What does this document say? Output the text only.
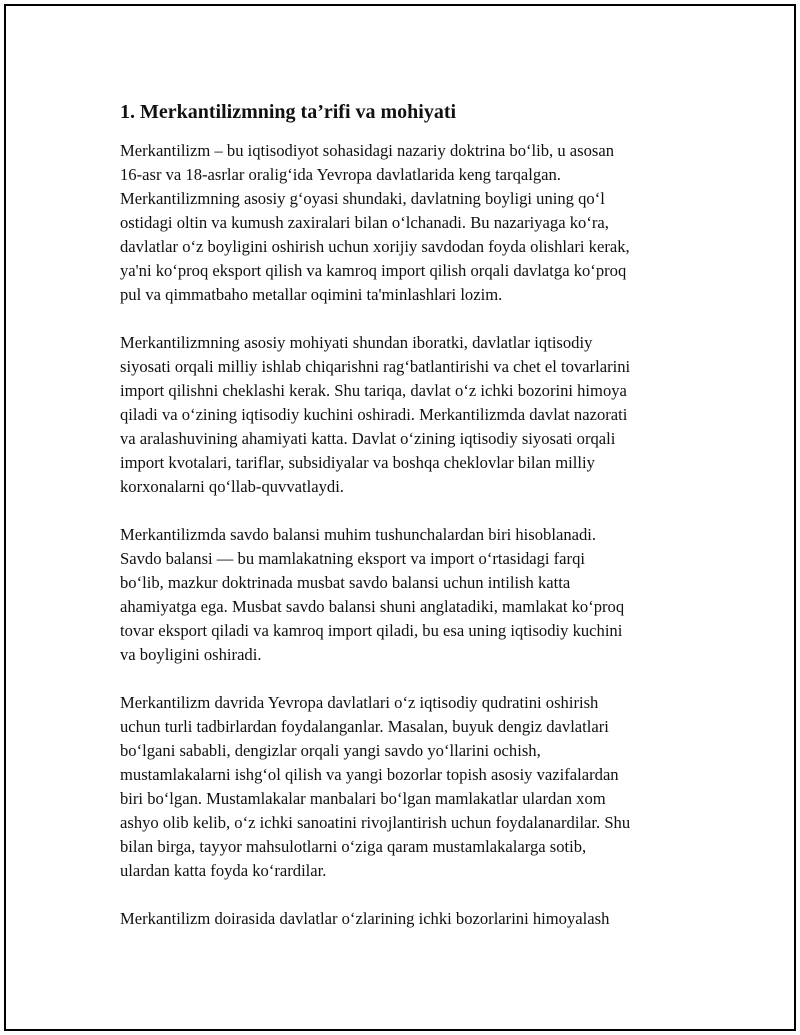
1. Merkantilizmning ta’rifi va mohiyati

Merkantilizm – bu iqtisodiyot sohasidagi nazariy doktrina bo‘lib, u asosan
16-asr va 18-asrlar oralig‘ida Yevropa davlatlarida keng tarqalgan.
Merkantilizmning asosiy g‘oyasi shundaki, davlatning boyligi uning qo‘l
ostidagi oltin va kumush zaxiralari bilan o‘lchanadi. Bu nazariyaga ko‘ra,
davlatlar o‘z boyligini oshirish uchun xorijiy savdodan foyda olishlari kerak,
ya'ni ko‘proq eksport qilish va kamroq import qilish orqali davlatga ko‘proq
pul va qimmatbaho metallar oqimini ta'minlashlari lozim.

Merkantilizmning asosiy mohiyati shundan iboratki, davlatlar iqtisodiy
siyosati orqali milliy ishlab chiqarishni rag‘batlantirishi va chet el tovarlarini
import qilishni cheklashi kerak. Shu tariqa, davlat o‘z ichki bozorini himoya
qiladi va o‘zining iqtisodiy kuchini oshiradi. Merkantilizmda davlat nazorati
va aralashuvining ahamiyati katta. Davlat o‘zining iqtisodiy siyosati orqali
import kvotalari, tariflar, subsidiyalar va boshqa cheklovlar bilan milliy
korxonalarni qo‘llab-quvvatlaydi.

Merkantilizmda savdo balansi muhim tushunchalardan biri hisoblanadi.
Savdo balansi — bu mamlakatning eksport va import o‘rtasidagi farqi
bo‘lib, mazkur doktrinada musbat savdo balansi uchun intilish katta
ahamiyatga ega. Musbat savdo balansi shuni anglatadiki, mamlakat ko‘proq
tovar eksport qiladi va kamroq import qiladi, bu esa uning iqtisodiy kuchini
va boyligini oshiradi.

Merkantilizm davrida Yevropa davlatlari o‘z iqtisodiy qudratini oshirish
uchun turli tadbirlardan foydalanganlar. Masalan, buyuk dengiz davlatlari
bo‘lgani sababli, dengizlar orqali yangi savdo yo‘llarini ochish,
mustamlakalarni ishg‘ol qilish va yangi bozorlar topish asosiy vazifalardan
biri bo‘lgan. Mustamlakalar manbalari bo‘lgan mamlakatlar ulardan xom
ashyo olib kelib, o‘z ichki sanoatini rivojlantirish uchun foydalanardilar. Shu
bilan birga, tayyor mahsulotlarni o‘ziga qaram mustamlakalarga sotib,
ulardan katta foyda ko‘rardilar.

Merkantilizm doirasida davlatlar o‘zlarining ichki bozorlarini himoyalash
